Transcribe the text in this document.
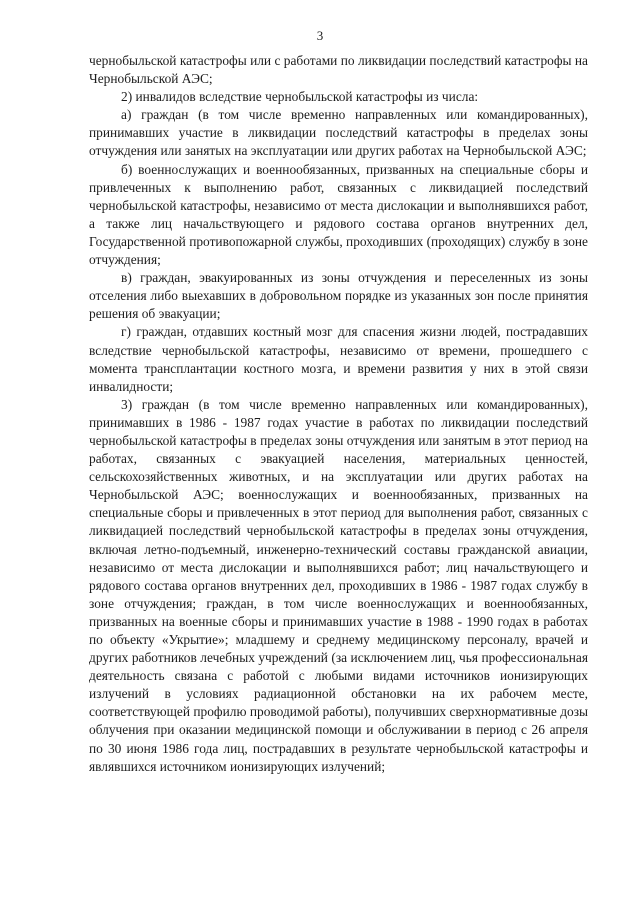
3

чернобыльской катастрофы или с работами по ликвидации последствий катастрофы на Чернобыльской АЭС;

2) инвалидов вследствие чернобыльской катастрофы из числа:

а) граждан (в том числе временно направленных или командированных), принимавших участие в ликвидации последствий катастрофы в пределах зоны отчуждения или занятых на эксплуатации или других работах на Чернобыльской АЭС;

б) военнослужащих и военнообязанных, призванных на специальные сборы и привлеченных к выполнению работ, связанных с ликвидацией последствий чернобыльской катастрофы, независимо от места дислокации и выполнявшихся работ, а также лиц начальствующего и рядового состава органов внутренних дел, Государственной противопожарной службы, проходивших (проходящих) службу в зоне отчуждения;

в) граждан, эвакуированных из зоны отчуждения и переселенных из зоны отселения либо выехавших в добровольном порядке из указанных зон после принятия решения об эвакуации;

г) граждан, отдавших костный мозг для спасения жизни людей, пострадавших вследствие чернобыльской катастрофы, независимо от времени, прошедшего с момента трансплантации костного мозга, и времени развития у них в этой связи инвалидности;

3) граждан (в том числе временно направленных или командированных), принимавших в 1986 - 1987 годах участие в работах по ликвидации последствий чернобыльской катастрофы в пределах зоны отчуждения или занятым в этот период на работах, связанных с эвакуацией населения, материальных ценностей, сельскохозяйственных животных, и на эксплуатации или других работах на Чернобыльской АЭС; военнослужащих и военнообязанных, призванных на специальные сборы и привлеченных в этот период для выполнения работ, связанных с ликвидацией последствий чернобыльской катастрофы в пределах зоны отчуждения, включая летно-подъемный, инженерно-технический составы гражданской авиации, независимо от места дислокации и выполнявшихся работ; лиц начальствующего и рядового состава органов внутренних дел, проходивших в 1986 - 1987 годах службу в зоне отчуждения; граждан, в том числе военнослужащих и военнообязанных, призванных на военные сборы и принимавших участие в 1988 - 1990 годах в работах по объекту «Укрытие»; младшему и среднему медицинскому персоналу, врачей и других работников лечебных учреждений (за исключением лиц, чья профессиональная деятельность связана с работой с любыми видами источников ионизирующих излучений в условиях радиационной обстановки на их рабочем месте, соответствующей профилю проводимой работы), получивших сверхнормативные дозы облучения при оказании медицинской помощи и обслуживании в период с 26 апреля по 30 июня 1986 года лиц, пострадавших в результате чернобыльской катастрофы и являвшихся источником ионизирующих излучений;
